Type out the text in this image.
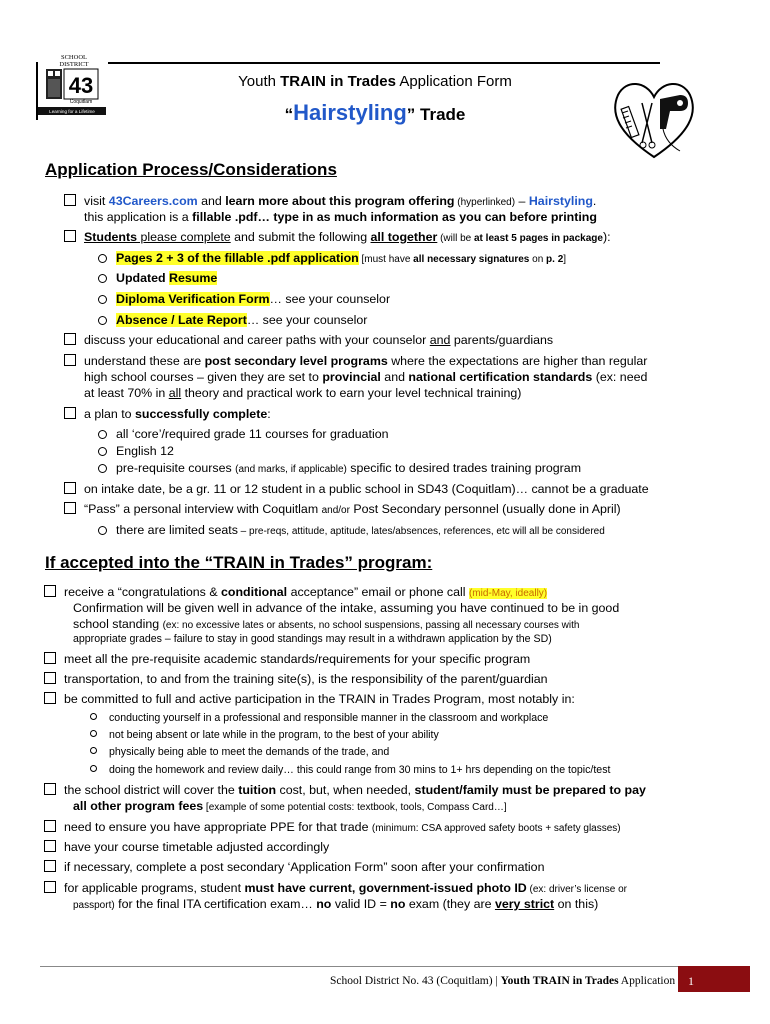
SCHOOL
DISTRICT
43
Coquitlam
Learning for a Lifetime
Youth TRAIN in Trades Application Form
“Hairstyling” Trade
Application Process/Considerations
visit 43Careers.com and learn more about this program offering (hyperlinked) – Hairstyling.
this application is a fillable .pdf… type in as much information as you can before printing
Students please complete and submit the following all together (will be at least 5 pages in package):
Pages 2 + 3 of the fillable .pdf application [must have all necessary signatures on p. 2]
Updated Resume
Diploma Verification Form… see your counselor
Absence / Late Report… see your counselor
discuss your educational and career paths with your counselor and parents/guardians
understand these are post secondary level programs where the expectations are higher than regular
high school courses – given they are set to provincial and national certification standards (ex: need
at least 70% in all theory and practical work to earn your level technical training)
a plan to successfully complete:
all ‘core’/required grade 11 courses for graduation
English 12
pre-requisite courses (and marks, if applicable) specific to desired trades training program
on intake date, be a gr. 11 or 12 student in a public school in SD43 (Coquitlam)… cannot be a graduate
“Pass” a personal interview with Coquitlam and/or Post Secondary personnel (usually done in April)
there are limited seats – pre-reqs, attitude, aptitude, lates/absences, references, etc will all be considered
If accepted into the “TRAIN in Trades” program:
receive a “congratulations & conditional acceptance” email or phone call (mid-May, ideally)
Confirmation will be given well in advance of the intake, assuming you have continued to be in good
school standing (ex: no excessive lates or absents, no school suspensions, passing all necessary courses with
appropriate grades – failure to stay in good standings may result in a withdrawn application by the SD)
meet all the pre-requisite academic standards/requirements for your specific program
transportation, to and from the training site(s), is the responsibility of the parent/guardian
be committed to full and active participation in the TRAIN in Trades Program, most notably in:
conducting yourself in a professional and responsible manner in the classroom and workplace
not being absent or late while in the program, to the best of your ability
physically being able to meet the demands of the trade, and
doing the homework and review daily… this could range from 30 mins to 1+ hrs depending on the topic/test
the school district will cover the tuition cost, but, when needed, student/family must be prepared to pay
all other program fees [example of some potential costs: textbook, tools, Compass Card…]
need to ensure you have appropriate PPE for that trade (minimum: CSA approved safety boots + safety glasses)
have your course timetable adjusted accordingly
if necessary, complete a post secondary ‘Application Form” soon after your confirmation
for applicable programs, student must have current, government-issued photo ID (ex: driver’s license or
passport) for the final ITA certification exam… no valid ID = no exam (they are very strict on this)
School District No. 43 (Coquitlam) | Youth TRAIN in Trades Application 1
